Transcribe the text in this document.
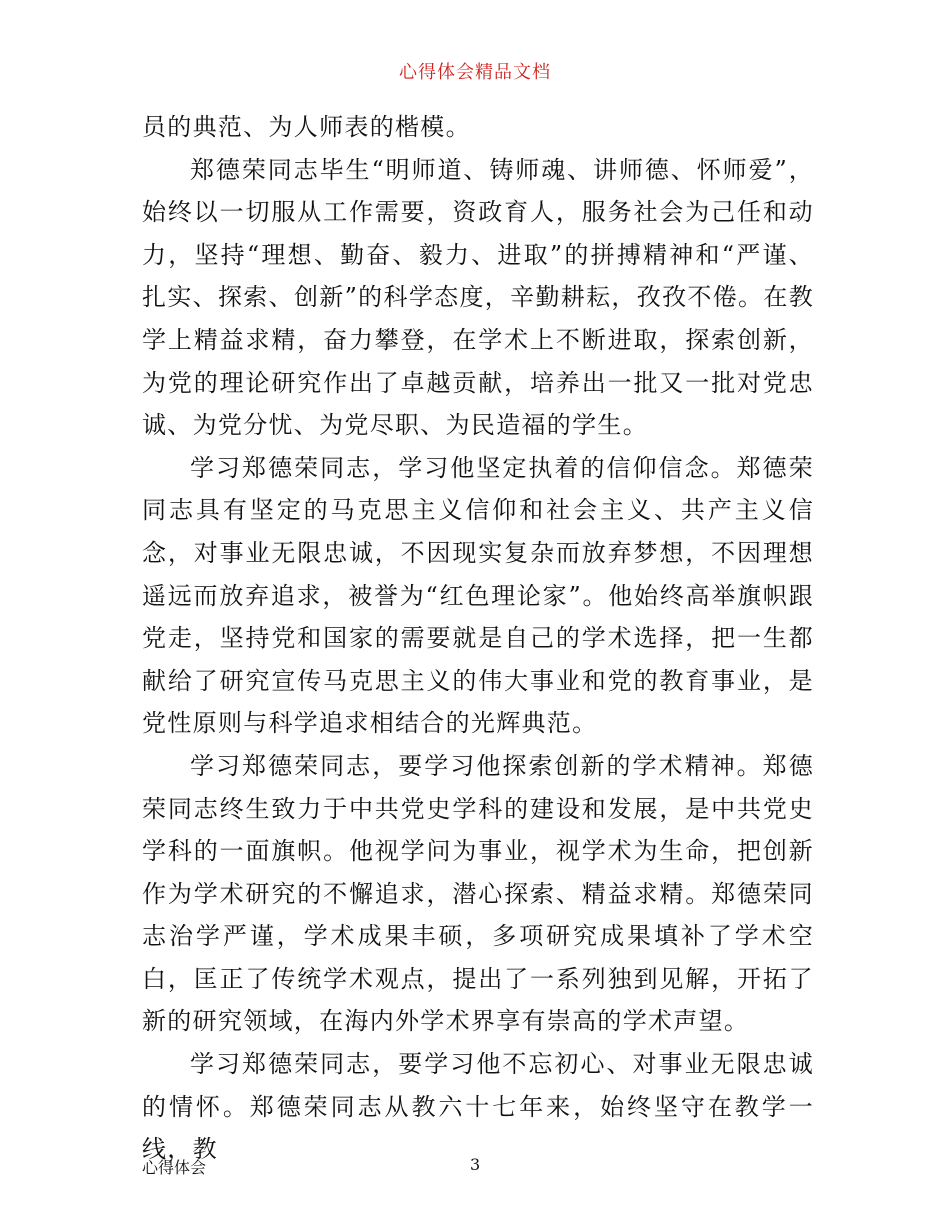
心得体会精品文档

员的典范、为人师表的楷模。

郑德荣同志毕生“明师道、铸师魂、讲师德、怀师爱”，始终以一切服从工作需要，资政育人，服务社会为己任和动力，坚持“理想、勤奋、毅力、进取”的拼搏精神和“严谨、扎实、探索、创新”的科学态度，辛勤耕耘，孜孜不倦。在教学上精益求精，奋力攀登，在学术上不断进取，探索创新，为党的理论研究作出了卓越贡献，培养出一批又一批对党忠诚、为党分忧、为党尽职、为民造福的学生。

学习郑德荣同志，学习他坚定执着的信仰信念。郑德荣同志具有坚定的马克思主义信仰和社会主义、共产主义信念，对事业无限忠诚，不因现实复杂而放弃梦想，不因理想遥远而放弃追求，被誉为“红色理论家”。他始终高举旗帜跟党走，坚持党和国家的需要就是自己的学术选择，把一生都献给了研究宣传马克思主义的伟大事业和党的教育事业，是党性原则与科学追求相结合的光辉典范。

学习郑德荣同志，要学习他探索创新的学术精神。郑德荣同志终生致力于中共党史学科的建设和发展，是中共党史学科的一面旗帜。他视学问为事业，视学术为生命，把创新作为学术研究的不懈追求，潜心探索、精益求精。郑德荣同志治学严谨，学术成果丰硕，多项研究成果填补了学术空白，匡正了传统学术观点，提出了一系列独到见解，开拓了新的研究领域，在海内外学术界享有崇高的学术声望。

学习郑德荣同志，要学习他不忘初心、对事业无限忠诚的情怀。郑德荣同志从教六十七年来，始终坚守在教学一线，教

心得体会	3
